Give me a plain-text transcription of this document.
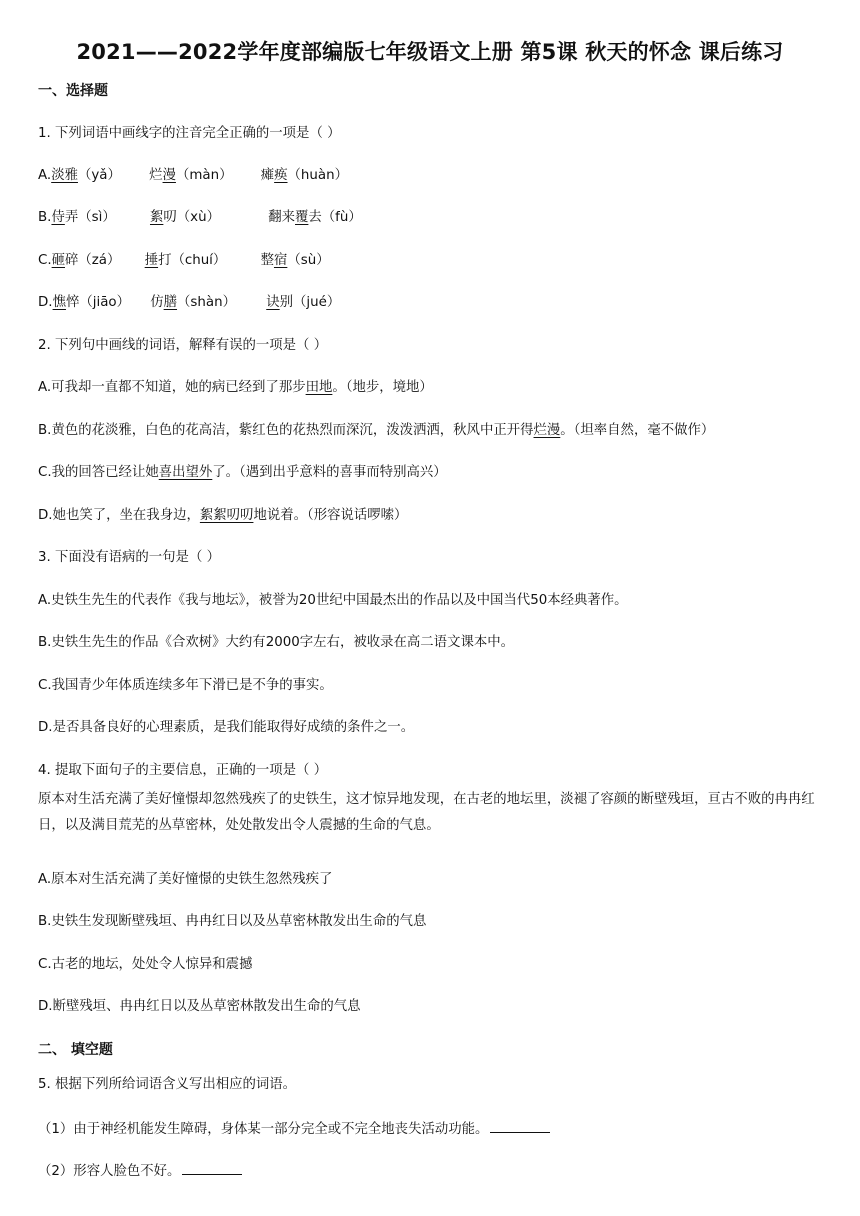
2021——2022学年度部编版七年级语文上册 第5课 秋天的怀念 课后练习
一、选择题
1. 下列词语中画线字的注音完全正确的一项是（ ）
A.淡雅（yǎ） 烂漫（màn） 瘫痪（huàn）
B.侍弄（sì）	絮叨（xù）	翻来覆去（fù）
C.砸碎（zá） 捶打（chuí）	整宿（sù）
D.憔悴（jiāo） 仿膳（shàn） 诀别（jué）
2. 下列句中画线的词语，解释有误的一项是（ ）
A.可我却一直都不知道，她的病已经到了那步田地。（地步，境地）
B.黄色的花淡雅，白色的花高洁，紫红色的花热烈而深沉，泼泼洒洒，秋风中正开得烂漫。（坦率自然，毫不做作）
C.我的回答已经让她喜出望外了。（遇到出乎意料的喜事而特别高兴）
D.她也笑了，坐在我身边，絮絮叨叨地说着。（形容说话啰嗦）
3. 下面没有语病的一句是（ ）
A.史铁生先生的代表作《我与地坛》，被誉为20世纪中国最杰出的作品以及中国当代50本经典著作。
B.史铁生先生的作品《合欢树》大约有2000字左右，被收录在高二语文课本中。
C.我国青少年体质连续多年下滑已是不争的事实。
D.是否具备良好的心理素质，是我们能取得好成绩的条件之一。
4. 提取下面句子的主要信息，正确的一项是（ ）
原本对生活充满了美好憧憬却忽然残疾了的史铁生，这才惊异地发现，在古老的地坛里，淡褪了容颜的断壁残垣，亘古不败的冉冉红日，以及满目荒芜的丛草密林，处处散发出令人震撼的生命的气息。
A.原本对生活充满了美好憧憬的史铁生忽然残疾了
B.史铁生发现断壁残垣、冉冉红日以及丛草密林散发出生命的气息
C.古老的地坛，处处令人惊异和震撼
D.断壁残垣、冉冉红日以及丛草密林散发出生命的气息
二、 填空题
5. 根据下列所给词语含义写出相应的词语。
（1）由于神经机能发生障碍，身体某一部分完全或不完全地丧失活动功能。
（2）形容人脸色不好。
